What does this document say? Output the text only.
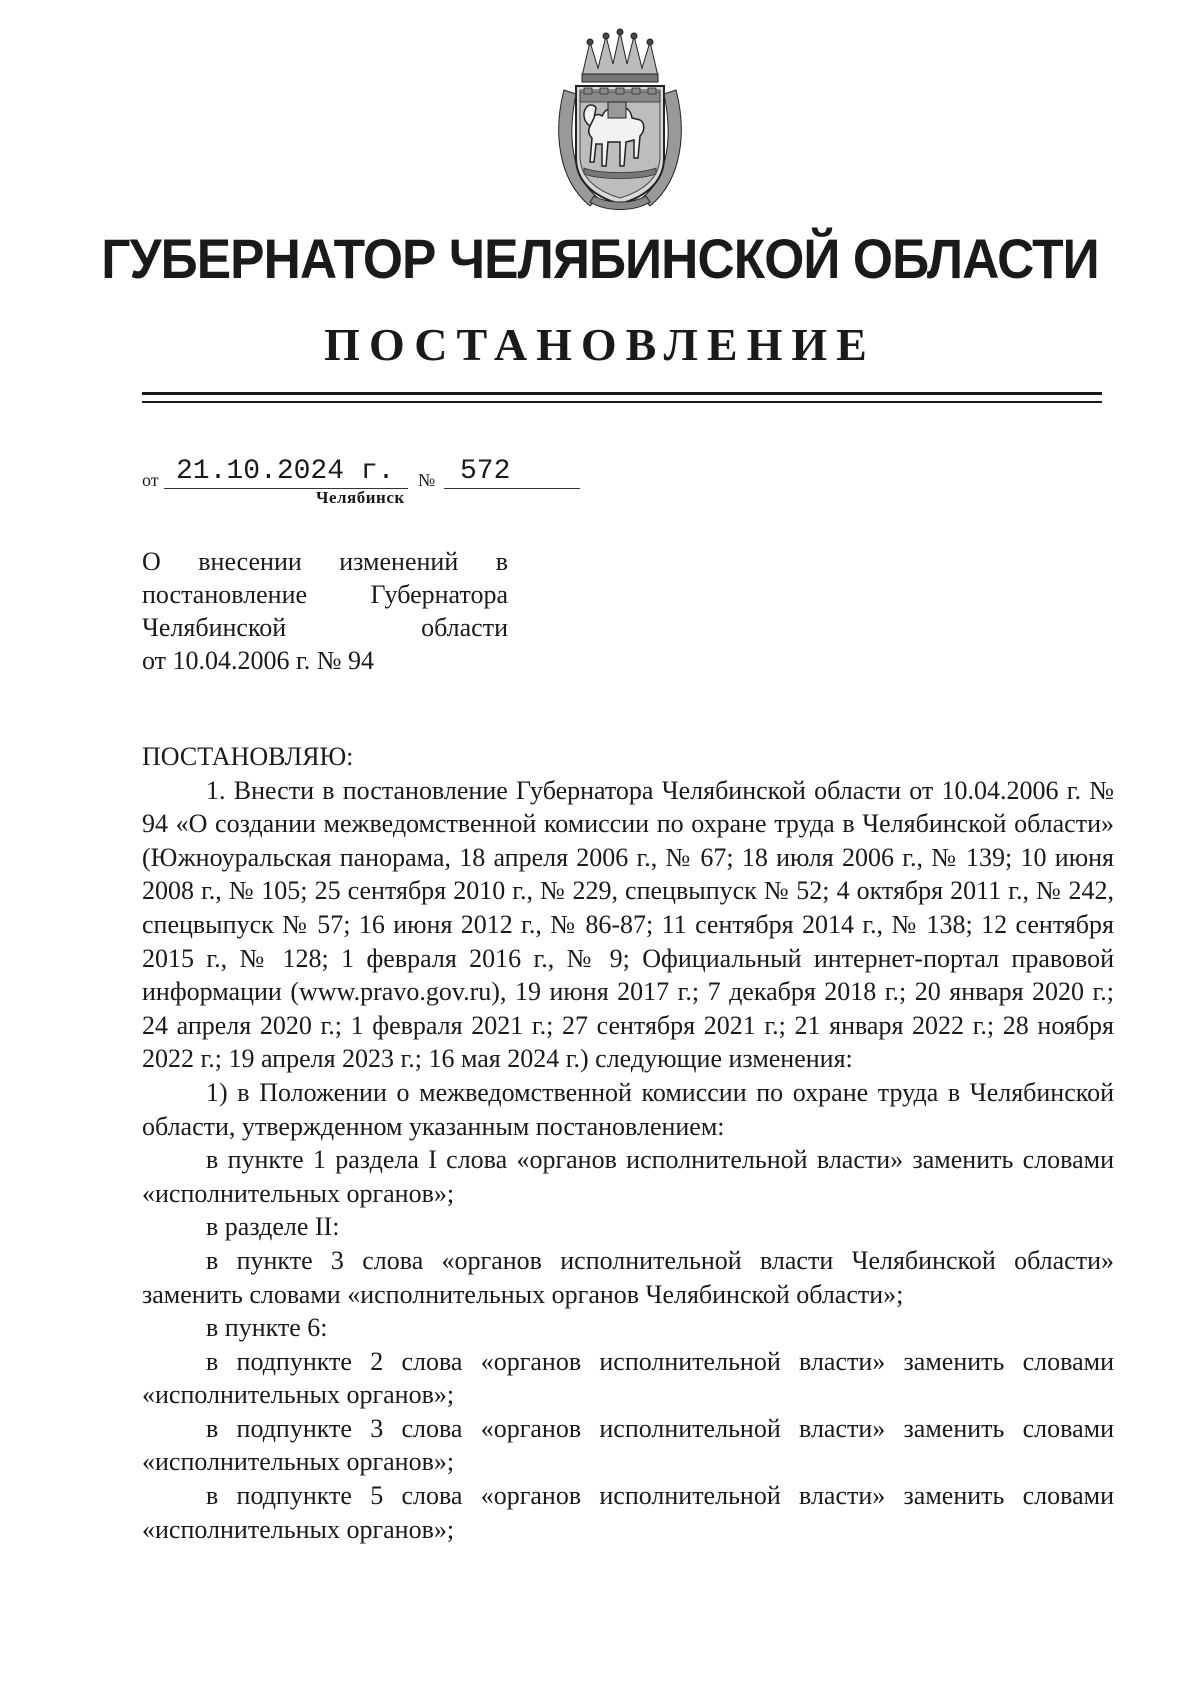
ГУБЕРНАТОР ЧЕЛЯБИНСКОЙ ОБЛАСТИ
ПОСТАНОВЛЕНИЕ
от 21.10.2024 г.	№ 572
Челябинск
О внесении изменений в
постановление Губернатора
Челябинской области
от 10.04.2006 г. № 94
ПОСТАНОВЛЯЮ:

1. Внести в постановление Губернатора Челябинской области от 10.04.2006 г. № 94 «О создании межведомственной комиссии по охране труда в Челябинской области» (Южноуральская панорама, 18 апреля 2006 г., № 67; 18 июля 2006 г., № 139; 10 июня 2008 г., № 105; 25 сентября 2010 г., № 229, спецвыпуск № 52; 4 октября 2011 г., № 242, спецвыпуск № 57; 16 июня 2012 г., № 86-87; 11 сентября 2014 г., № 138; 12 сентября 2015 г., № 128; 1 февраля 2016 г., № 9; Официальный интернет-портал правовой информации (www.pravo.gov.ru), 19 июня 2017 г.; 7 декабря 2018 г.; 20 января 2020 г.; 24 апреля 2020 г.; 1 февраля 2021 г.; 27 сентября 2021 г.; 21 января 2022 г.; 28 ноября 2022 г.; 19 апреля 2023 г.; 16 мая 2024 г.) следующие изменения:

1) в Положении о межведомственной комиссии по охране труда в Челябинской области, утвержденном указанным постановлением:

в пункте 1 раздела I слова «органов исполнительной власти» заменить словами «исполнительных органов»;

в разделе II:

в пункте 3 слова «органов исполнительной власти Челябинской области» заменить словами «исполнительных органов Челябинской области»;

в пункте 6:

в подпункте 2 слова «органов исполнительной власти» заменить словами «исполнительных органов»;

в подпункте 3 слова «органов исполнительной власти» заменить словами «исполнительных органов»;

в подпункте 5 слова «органов исполнительной власти» заменить словами «исполнительных органов»;
